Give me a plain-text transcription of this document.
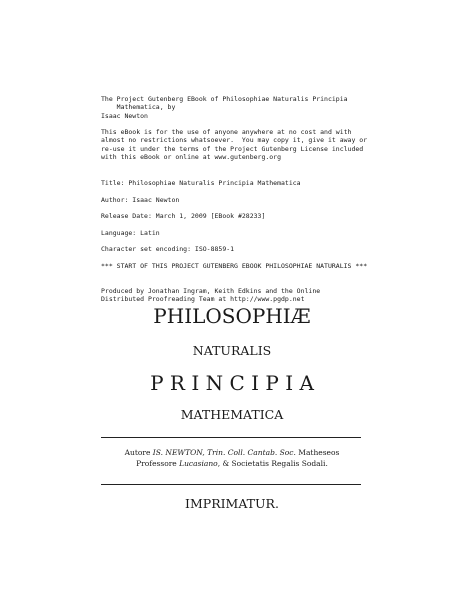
The Project Gutenberg EBook of Philosophiae Naturalis Principia
Mathematica, by
Isaac Newton
This eBook is for the use of anyone anywhere at no cost and with
almost no restrictions whatsoever.  You may copy it, give it away or
re-use it under the terms of the Project Gutenberg License included
with this eBook or online at www.gutenberg.org
Title: Philosophiae Naturalis Principia Mathematica
Author: Isaac Newton
Release Date: March 1, 2009 [EBook #28233]
Language: Latin
Character set encoding: ISO-8859-1
*** START OF THIS PROJECT GUTENBERG EBOOK PHILOSOPHIAE NATURALIS ***
Produced by Jonathan Ingram, Keith Edkins and the Online
Distributed Proofreading Team at http://www.pgdp.net
PHILOSOPHIÆ
NATURALIS
P R I N C I P I A
MATHEMATICA
Autore IS. NEWTON, Trin. Coll. Cantab. Soc. Matheseos
Professore Lucasiano, & Societatis Regalis Sodali.
IMPRIMATUR.
